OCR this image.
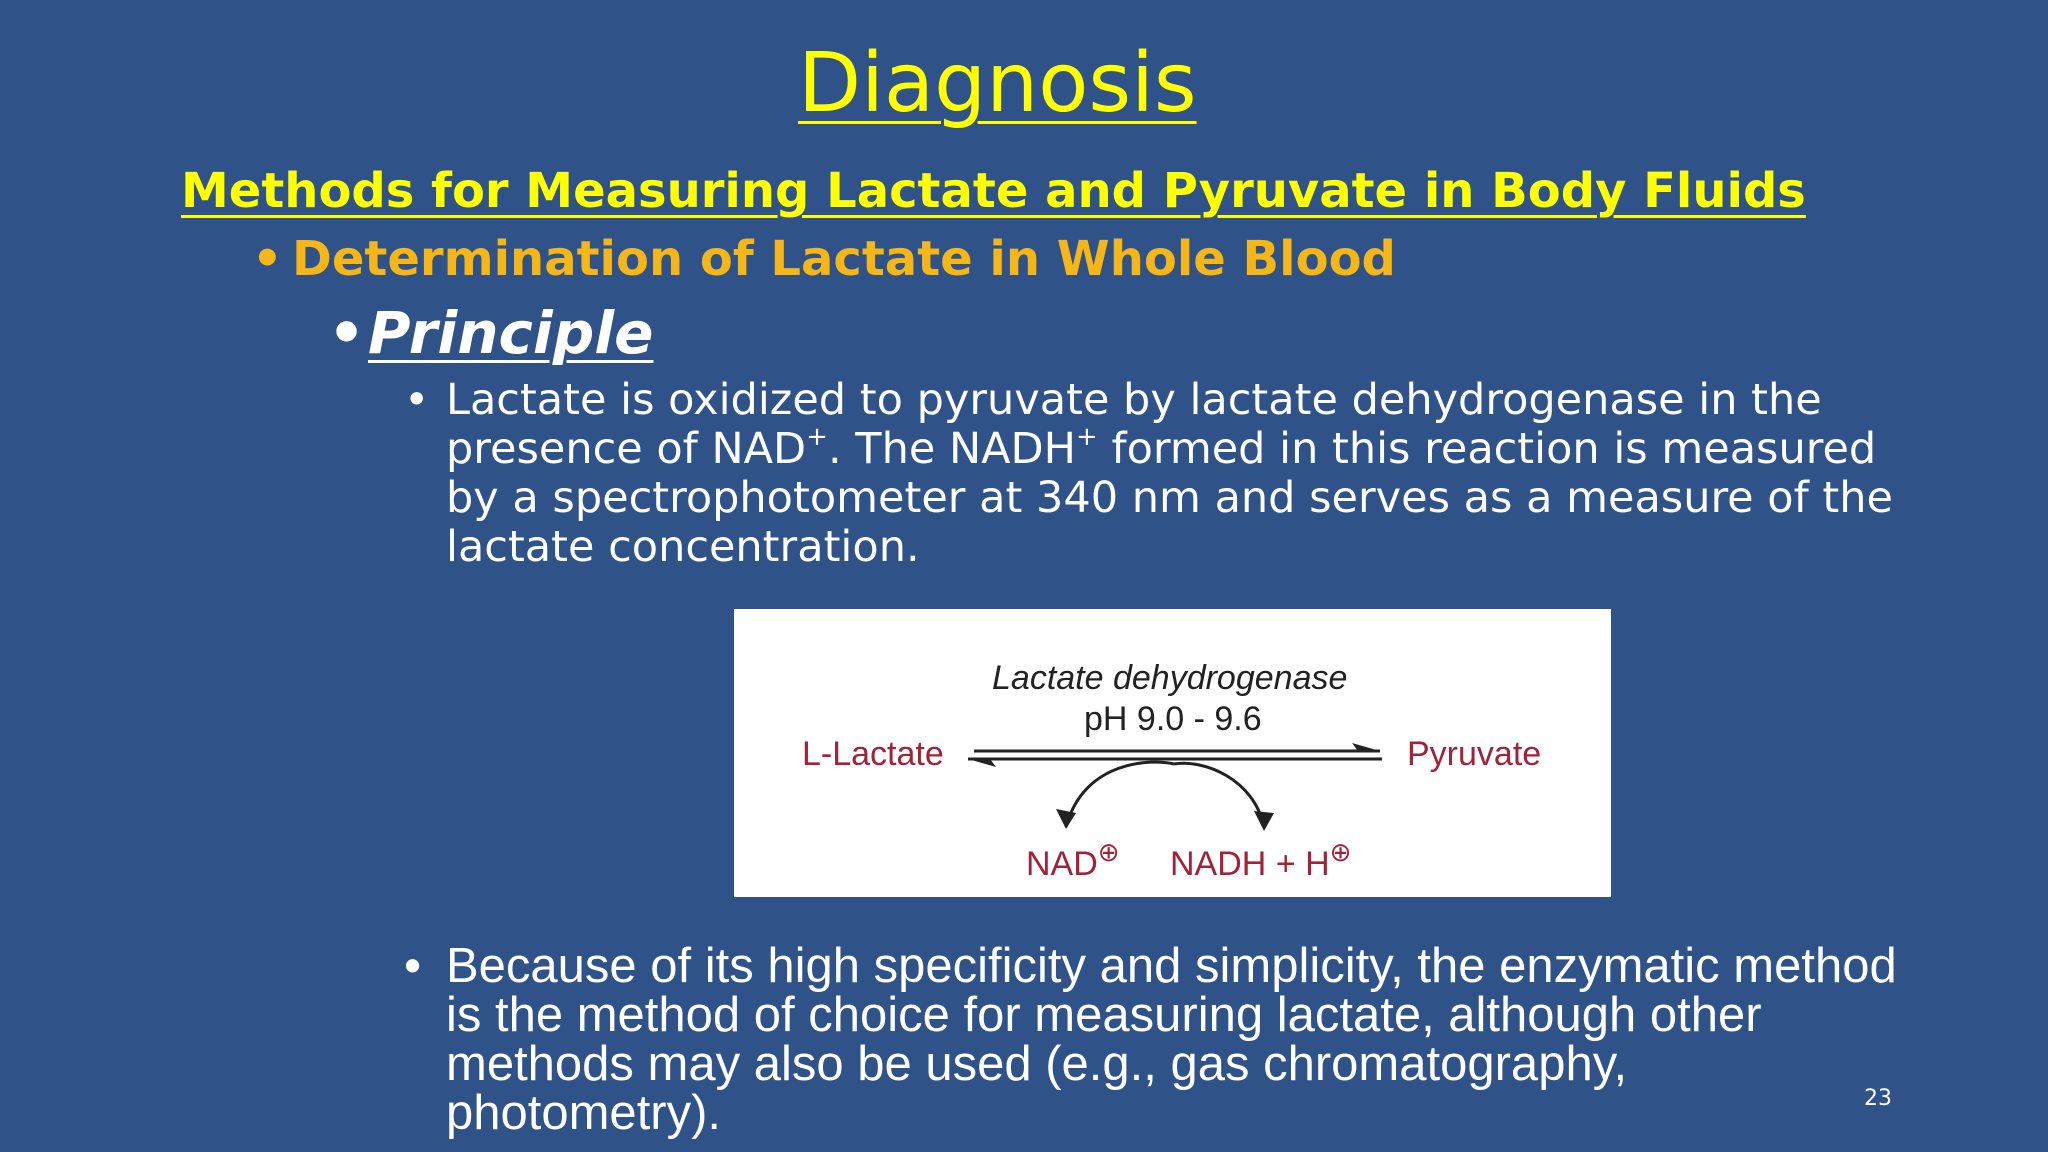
Diagnosis
Methods for Measuring Lactate and Pyruvate in Body Fluids
• Determination of Lactate in Whole Blood
• Principle
• Lactate is oxidized to pyruvate by lactate dehydrogenase in the presence of NAD+. The NADH+ formed in this reaction is measured by a spectrophotometer at 340 nm and serves as a measure of the lactate concentration.
Lactate dehydrogenase
pH 9.0 - 9.6
L-Lactate	Pyruvate
NAD⊕ NADH + H⊕
• Because of its high specificity and simplicity, the enzymatic method is the method of choice for measuring lactate, although other methods may also be used (e.g., gas chromatography, photometry).	23
